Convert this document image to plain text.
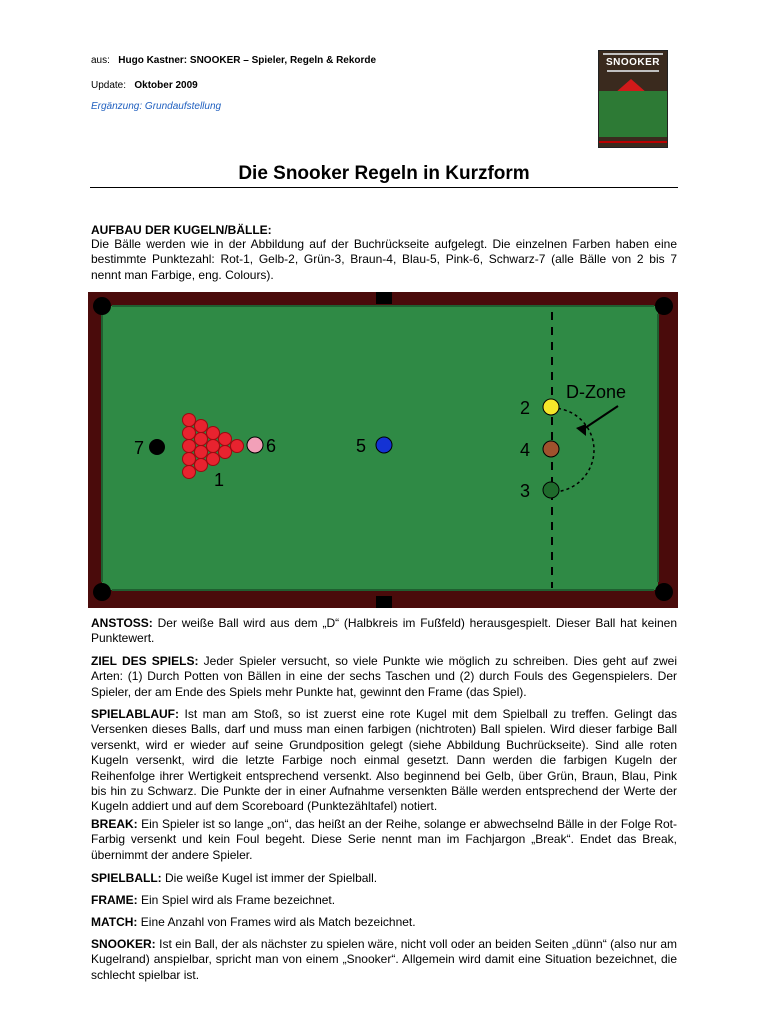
aus: Hugo Kastner: SNOOKER – Spieler, Regeln & Rekorde
Update: Oktober 2009
Ergänzung: Grundaufstellung
SNOOKER
Die Snooker Regeln in Kurzform

AUFBAU DER KUGELN/BÄLLE:

Die Bälle werden wie in der Abbildung auf der Buchrückseite aufgelegt. Die einzelnen Farben haben eine bestimmte Punktezahl: Rot-1, Gelb-2, Grün-3, Braun-4, Blau-5, Pink-6, Schwarz-7 (alle Bälle von 2 bis 7 nennt man Farbige, eng. Colours).

D-Zone
2
4
3
5
7	6
1

ANSTOSS: Der weiße Ball wird aus dem „D“ (Halbkreis im Fußfeld) herausgespielt. Dieser Ball hat keinen Punktewert.

ZIEL DES SPIELS: Jeder Spieler versucht, so viele Punkte wie möglich zu schreiben. Dies geht auf zwei Arten: (1) Durch Potten von Bällen in eine der sechs Taschen und (2) durch Fouls des Gegenspielers. Der Spieler, der am Ende des Spiels mehr Punkte hat, gewinnt den Frame (das Spiel).

SPIELABLAUF: Ist man am Stoß, so ist zuerst eine rote Kugel mit dem Spielball zu treffen. Gelingt das Versenken dieses Balls, darf und muss man einen farbigen (nichtroten) Ball spielen. Wird dieser farbige Ball versenkt, wird er wieder auf seine Grundposition gelegt (siehe Abbildung Buchrückseite). Sind alle roten Kugeln versenkt, wird die letzte Farbige noch einmal gesetzt. Dann werden die farbigen Kugeln der Reihenfolge ihrer Wertigkeit entsprechend versenkt. Also beginnend bei Gelb, über Grün, Braun, Blau, Pink bis hin zu Schwarz. Die Punkte der in einer Aufnahme versenkten Bälle werden entsprechend der Werte der Kugeln addiert und auf dem Scoreboard (Punktezähltafel) notiert.

BREAK: Ein Spieler ist so lange „on“, das heißt an der Reihe, solange er abwechselnd Bälle in der Folge Rot-Farbig versenkt und kein Foul begeht. Diese Serie nennt man im Fachjargon „Break“. Endet das Break, übernimmt der andere Spieler.

SPIELBALL: Die weiße Kugel ist immer der Spielball.

FRAME: Ein Spiel wird als Frame bezeichnet.

MATCH: Eine Anzahl von Frames wird als Match bezeichnet.

SNOOKER: Ist ein Ball, der als nächster zu spielen wäre, nicht voll oder an beiden Seiten „dünn“ (also nur am Kugelrand) anspielbar, spricht man von einem „Snooker“. Allgemein wird damit eine Situation bezeichnet, die schlecht spielbar ist.
